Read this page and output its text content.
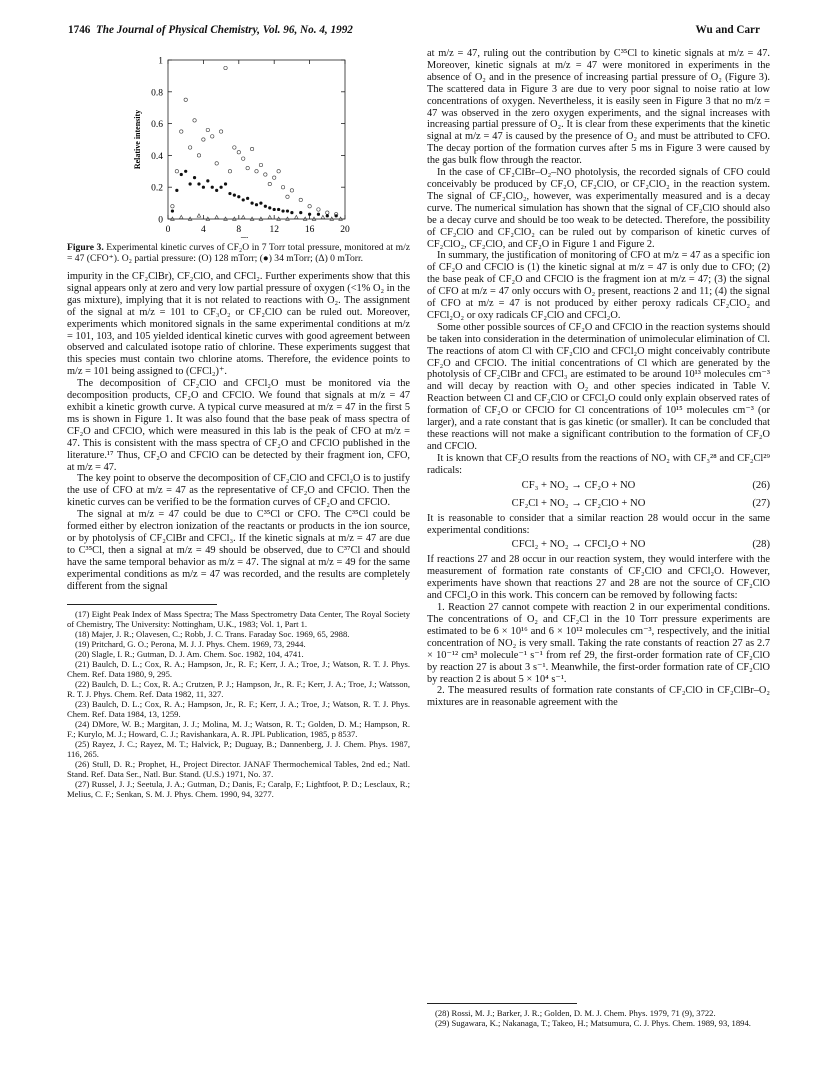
1746 The Journal of Physical Chemistry, Vol. 96, No. 4, 1992	Wu and Carr
0
0.2
0.4
0.6
0.8
1
0	4	8	12	16	20
Relative intensity
Figure 3. Experimental kinetic curves of CF₂O in 7 Torr total pressure, monitored at m/z = 47 (CFO⁺). O₂ partial pressure: (O) 128 mTorr; (●) 34 mTorr; (Δ) 0 mTorr.

impurity in the CF₂ClBr), CF₂ClO, and CFCl₂. Further experiments show that this signal appears only at zero and very low partial pressure of oxygen (<1% O₂ in the gas mixture), implying that it is not related to reactions with O₂. The assignment of the signal at m/z = 101 to CF₃O₂ or CF₂ClO can be ruled out. Moreover, experiments which monitored signals in the same experimental conditions at m/z = 101, 103, and 105 yielded identical kinetic curves with good agreement between observed and calculated isotope ratio of chlorine. These experiments suggest that this species must contain two chlorine atoms. Therefore, the evidence points to m/z = 101 being assigned to (CFCl₂)⁺.

The decomposition of CF₂ClO and CFCl₂O must be monitored via the decomposition products, CF₂O and CFClO. We found that signals at m/z = 47 exhibit a kinetic growth curve. A typical curve measured at m/z = 47 in the first 5 ms is shown in Figure 1. It was also found that the base peak of mass spectra of CF₂O and CFClO, which were measured in this lab is the peak of CFO at m/z = 47. This is consistent with the mass spectra of CF₂O and CFClO published in the literature.¹⁷ Thus, CF₂O and CFClO can be detected by their fragment ion, CFO, at m/z = 47.

The key point to observe the decomposition of CF₂ClO and CFCl₂O is to justify the use of CFO at m/z = 47 as the representative of CF₂O and CFClO. Then the kinetic curves can be verified to be the formation curves of CF₂O and CFClO.

The signal at m/z = 47 could be due to C³⁵Cl or CFO. The C³⁵Cl could be formed either by electron ionization of the reactants or products in the ion source, or by photolysis of CF₂ClBr and CFCl₃. If the kinetic signals at m/z = 47 are due to C³⁵Cl, then a signal at m/z = 49 should be observed, due to C³⁷Cl and should have the same temporal behavior as m/z = 47. The signal at m/z = 49 for the same experimental conditions as m/z = 47 was recorded, and the results are completely different from the signal

(17) Eight Peak Index of Mass Spectra; The Mass Spectrometry Data Center, The Royal Society of Chemistry, The University: Nottingham, U.K., 1983; Vol. 1, Part 1.

(18) Majer, J. R.; Olavesen, C.; Robb, J. C. Trans. Faraday Soc. 1969, 65, 2988.

(19) Pritchard, G. O.; Perona, M. J. J. Phys. Chem. 1969, 73, 2944.

(20) Slagle, I. R.; Gutman, D. J. Am. Chem. Soc. 1982, 104, 4741.

(21) Baulch, D. L.; Cox, R. A.; Hampson, Jr., R. F.; Kerr, J. A.; Troe, J.; Watson, R. T. J. Phys. Chem. Ref. Data 1980, 9, 295.

(22) Baulch, D. L.; Cox, R. A.; Crutzen, P. J.; Hampson, Jr., R. F.; Kerr, J. A.; Troe, J.; Watsson, R. T. J. Phys. Chem. Ref. Data 1982, 11, 327.

(23) Baulch, D. L.; Cox, R. A.; Hampson, Jr., R. F.; Kerr, J. A.; Troe, J.; Watson, R. T. J. Phys. Chem. Ref. Data 1984, 13, 1259.

(24) DMore, W. B.; Margitan, J. J.; Molina, M. J.; Watson, R. T.; Golden, D. M.; Hampson, R. F.; Kurylo, M. J.; Howard, C. J.; Ravishankara, A. R. JPL Publication, 1985, p 8537.

(25) Rayez, J. C.; Rayez, M. T.; Halvick, P.; Duguay, B.; Dannenberg, J. J. Chem. Phys. 1987, 116, 265.

(26) Stull, D. R.; Prophet, H., Project Director. JANAF Thermochemical Tables, 2nd ed.; Natl. Stand. Ref. Data Ser., Natl. Bur. Stand. (U.S.) 1971, No. 37.

(27) Russel, J. J.; Seetula, J. A.; Gutman, D.; Danis, F.; Caralp, F.; Lightfoot, P. D.; Lesclaux, R.; Melius, C. F.; Senkan, S. M. J. Phys. Chem. 1990, 94, 3277.

at m/z = 47, ruling out the contribution by C³⁵Cl to kinetic signals at m/z = 47. Moreover, kinetic signals at m/z = 47 were monitored in experiments in the absence of O₂ and in the presence of increasing partial pressure of O₂ (Figure 3). The scattered data in Figure 3 are due to very poor signal to noise ratio at low concentrations of oxygen. Nevertheless, it is easily seen in Figure 3 that no m/z = 47 was observed in the zero oxygen experiments, and the signal increases with increasing partial pressure of O₂. It is clear from these experiments that the kinetic signal at m/z = 47 is caused by the presence of O₂ and must be attributed to CFO. The decay portion of the formation curves after 5 ms in Figure 3 were caused by the gas bulk flow through the reactor.

In the case of CF₂ClBr–O₂–NO photolysis, the recorded signals of CFO could conceivably be produced by CF₂O, CF₂ClO, or CF₂ClO₂ in the reaction system. The signal of CF₂ClO₂, however, was experimentally measured and is a decay curve. The numerical simulation has shown that the signal of CF₂ClO should also be a decay curve and should be too weak to be detected. Therefore, the possibility of CF₂ClO and CF₂ClO₂ can be ruled out by comparison of kinetic curves of CF₂ClO₂, CF₂ClO, and CF₂O in Figure 1 and Figure 2.

In summary, the justification of monitoring of CFO at m/z = 47 as a specific ion of CF₂O and CFClO is (1) the kinetic signal at m/z = 47 is only due to CFO; (2) the base peak of CF₂O and CFClO is the fragment ion at m/z = 47; (3) the signal of CFO at m/z = 47 only occurs with O₂ present, reactions 2 and 11; (4) the signal of CFO at m/z = 47 is not produced by either peroxy radicals CF₂ClO₂ and CFCl₂O₂ or oxy radicals CF₂ClO and CFCl₂O.

Some other possible sources of CF₂O and CFClO in the reaction systems should be taken into consideration in the determination of unimolecular elimination of Cl. The reactions of atom Cl with CF₂ClO and CFCl₂O might conceivably contribute CF₂O and CFClO. The initial concentrations of Cl which are generated by the photolysis of CF₂ClBr and CFCl₃ are estimated to be around 10¹³ molecules cm⁻³ and will decay by reaction with O₂ and other species indicated in Table V. Reaction between Cl and CF₂ClO or CFCl₂O could only explain observed rates of formation of CF₂O or CFClO for Cl concentrations of 10¹⁵ molecules cm⁻³ (or larger), and a rate constant that is gas kinetic (or smaller). It can be concluded that these reactions will not make a significant contribution to the formation of CF₂O and CFClO.

It is known that CF₂O results from the reactions of NO₂ with CF₃²⁸ and CF₂Cl²⁹ radicals:

CF₃ + NO₂ → CF₂O + NO	(26)
CF₂Cl + NO₂ → CF₂ClO + NO	(27)

It is reasonable to consider that a similar reaction 28 would occur in the same experimental conditions:

CFCl₂ + NO₂ → CFCl₂O + NO	(28)

If reactions 27 and 28 occur in our reaction system, they would interfere with the measurement of formation rate constants of CF₂ClO and CFCl₂O. However, experiments have shown that reactions 27 and 28 are not the source of CF₂ClO and CFCl₂O in this work. This concern can be removed by following facts:

1. Reaction 27 cannot compete with reaction 2 in our experimental conditions. The concentrations of O₂ and CF₂Cl in the 10 Torr pressure experiments are estimated to be 6 × 10¹⁶ and 6 × 10¹² molecules cm⁻³, respectively, and the initial concentration of NO₂ is very small. Taking the rate constants of reaction 27 as 2.7 × 10⁻¹² cm³ molecule⁻¹ s⁻¹ from ref 29, the first-order formation rate of CF₂ClO by reaction 27 is about 3 s⁻¹. Meanwhile, the first-order formation rate of CF₂ClO by reaction 2 is about 5 × 10⁴ s⁻¹.

2. The measured results of formation rate constants of CF₂ClO in CF₂ClBr–O₂ mixtures are in reasonable agreement with the

(28) Rossi, M. J.; Barker, J. R.; Golden, D. M. J. Chem. Phys. 1979, 71 (9), 3722.

(29) Sugawara, K.; Nakanaga, T.; Takeo, H.; Matsumura, C. J. Phys. Chem. 1989, 93, 1894.
